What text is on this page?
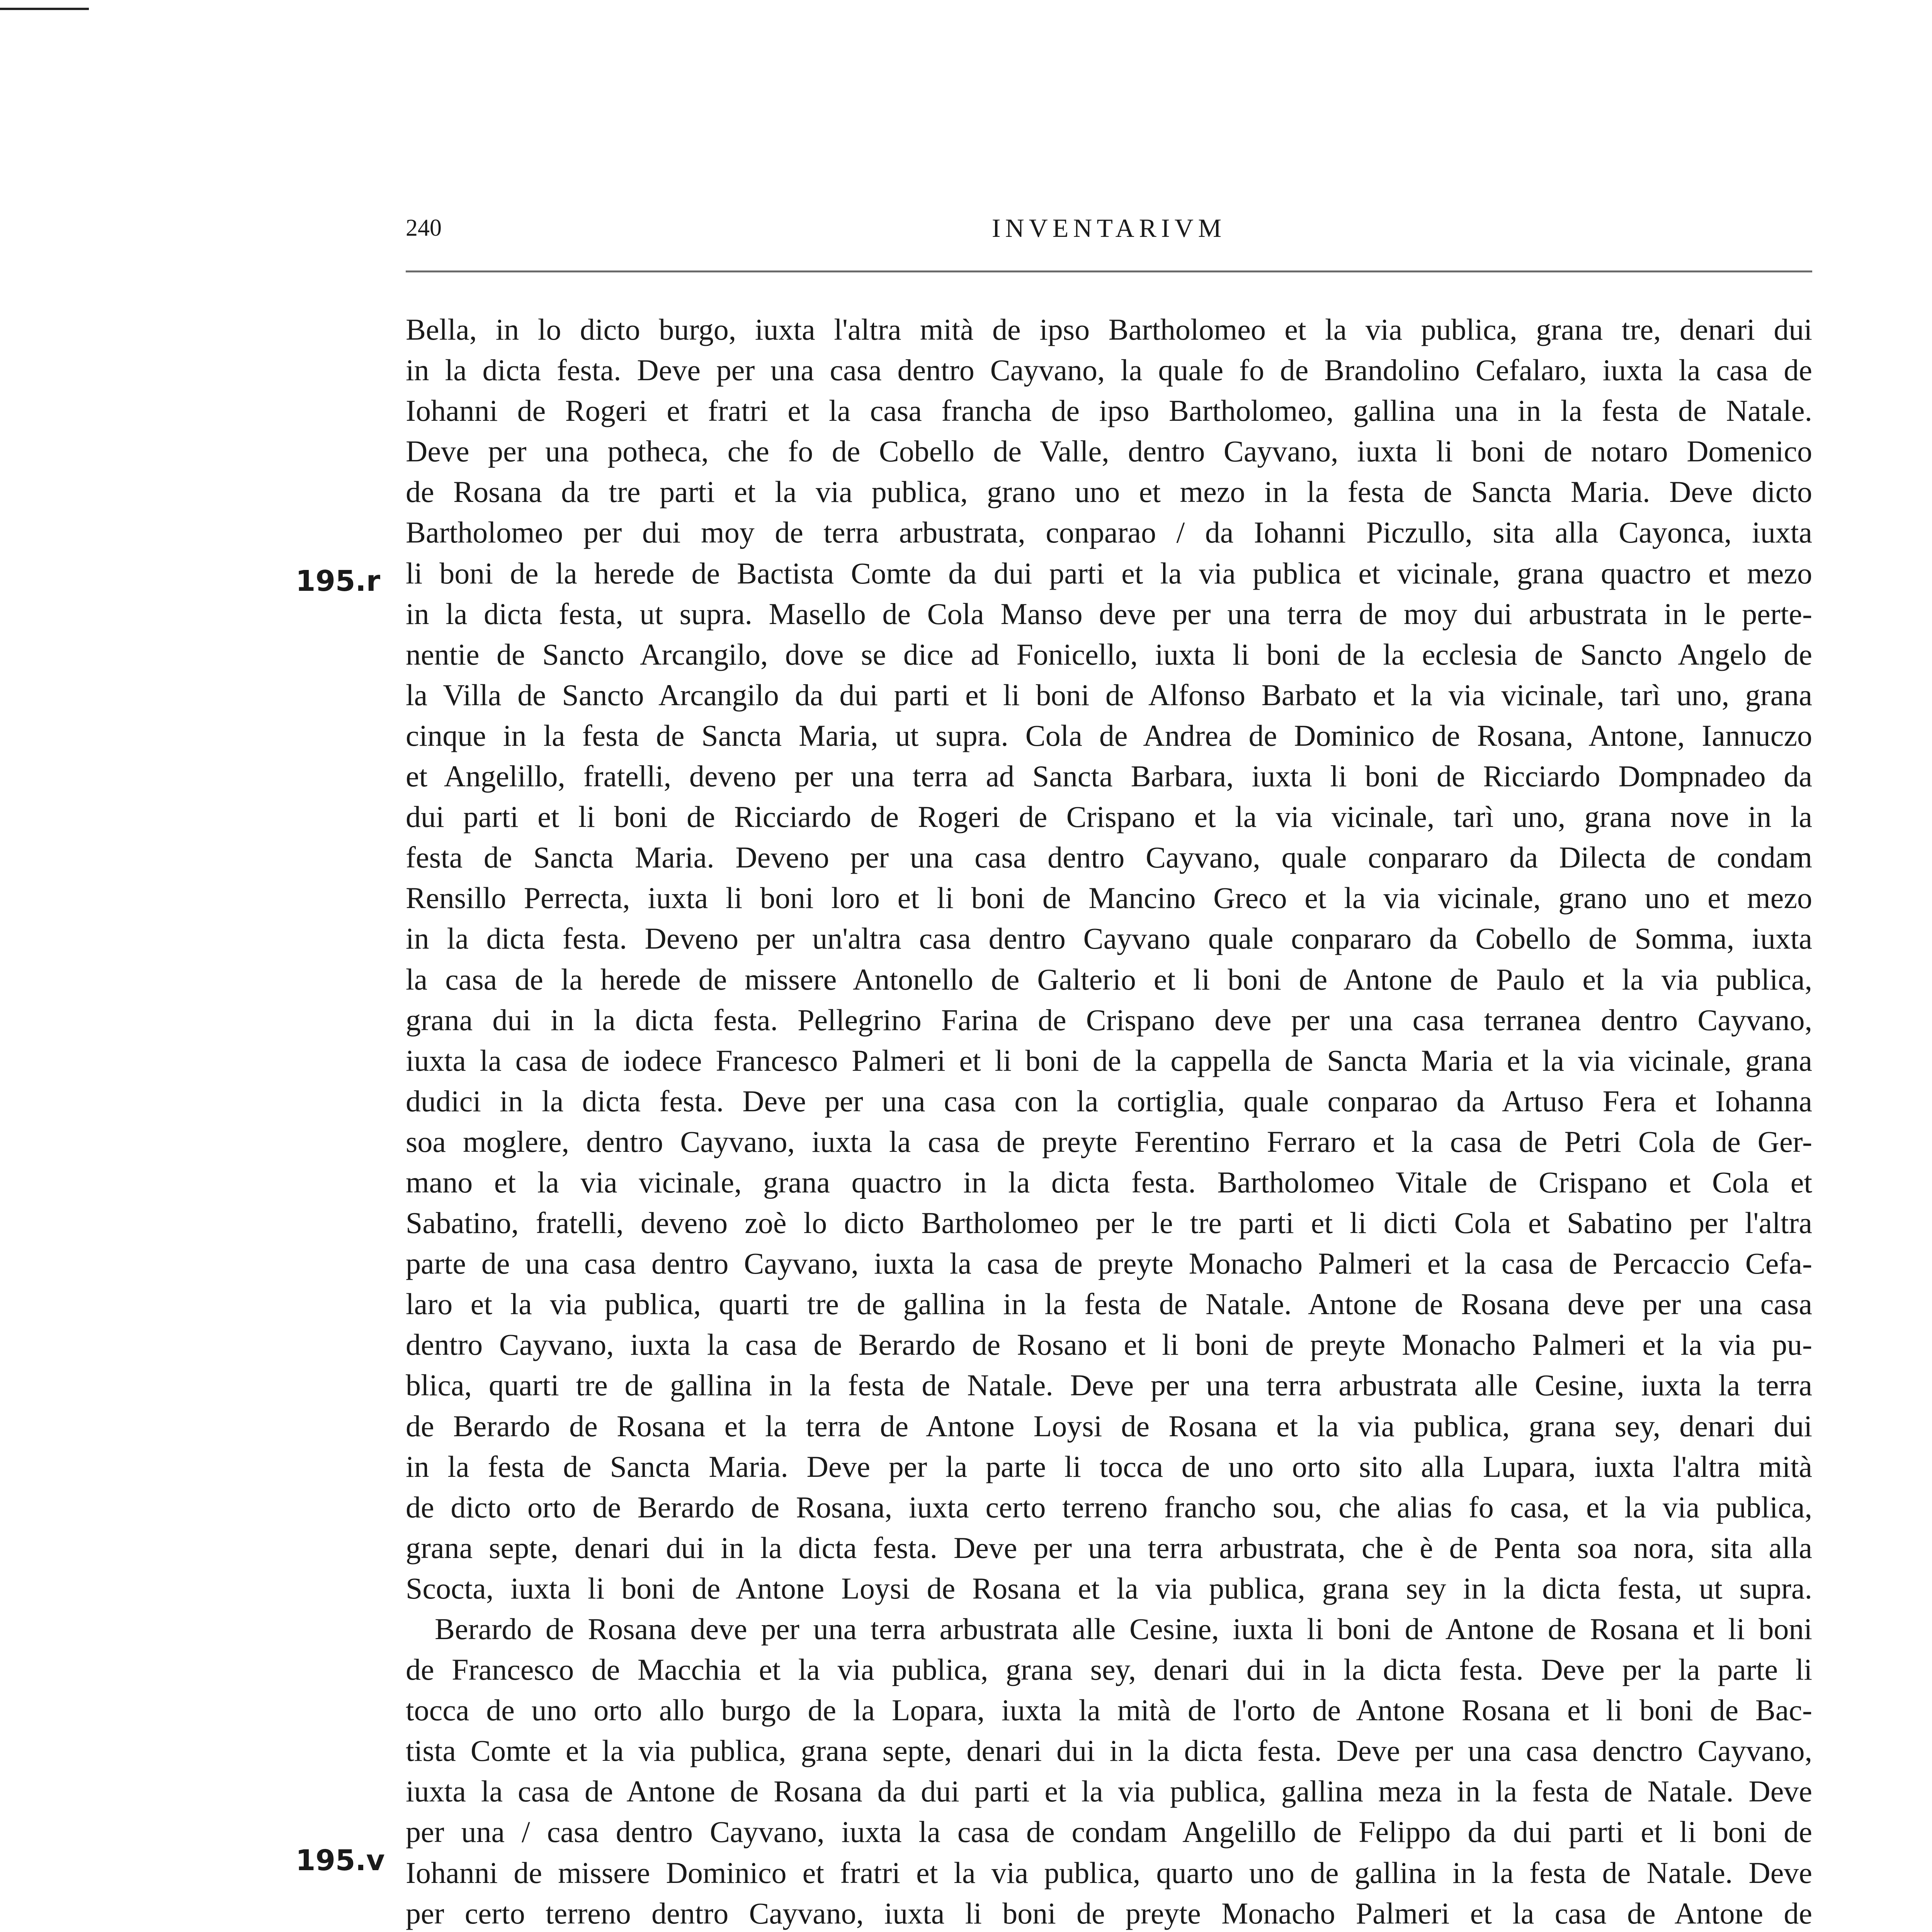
240	INVENTARIVM
195.r
195.v
Bella, in lo dicto burgo, iuxta l'altra mità de ipso Bartholomeo et la via publica, grana tre, denari dui
in la dicta festa. Deve per una casa dentro Cayvano, la quale fo de Brandolino Cefalaro, iuxta la casa de
Iohanni de Rogeri et fratri et la casa francha de ipso Bartholomeo, gallina una in la festa de Natale.
Deve per una potheca, che fo de Cobello de Valle, dentro Cayvano, iuxta li boni de notaro Domenico
de Rosana da tre parti et la via publica, grano uno et mezo in la festa de Sancta Maria. Deve dicto
Bartholomeo per dui moy de terra arbustrata, conparao / da Iohanni Piczullo, sita alla Cayonca, iuxta
li boni de la herede de Bactista Comte da dui parti et la via publica et vicinale, grana quactro et mezo
in la dicta festa, ut supra. Masello de Cola Manso deve per una terra de moy dui arbustrata in le perte-
nentie de Sancto Arcangilo, dove se dice ad Fonicello, iuxta li boni de la ecclesia de Sancto Angelo de
la Villa de Sancto Arcangilo da dui parti et li boni de Alfonso Barbato et la via vicinale, tarì uno, grana
cinque in la festa de Sancta Maria, ut supra. Cola de Andrea de Dominico de Rosana, Antone, Iannuczo
et Angelillo, fratelli, deveno per una terra ad Sancta Barbara, iuxta li boni de Ricciardo Dompnadeo da
dui parti et li boni de Ricciardo de Rogeri de Crispano et la via vicinale, tarì uno, grana nove in la
festa de Sancta Maria. Deveno per una casa dentro Cayvano, quale conpararo da Dilecta de condam
Rensillo Perrecta, iuxta li boni loro et li boni de Mancino Greco et la via vicinale, grano uno et mezo
in la dicta festa. Deveno per un'altra casa dentro Cayvano quale conpararo da Cobello de Somma, iuxta
la casa de la herede de missere Antonello de Galterio et li boni de Antone de Paulo et la via publica,
grana dui in la dicta festa. Pellegrino Farina de Crispano deve per una casa terranea dentro Cayvano,
iuxta la casa de iodece Francesco Palmeri et li boni de la cappella de Sancta Maria et la via vicinale, grana
dudici in la dicta festa. Deve per una casa con la cortiglia, quale conparao da Artuso Fera et Iohanna
soa moglere, dentro Cayvano, iuxta la casa de preyte Ferentino Ferraro et la casa de Petri Cola de Ger-
mano et la via vicinale, grana quactro in la dicta festa. Bartholomeo Vitale de Crispano et Cola et
Sabatino, fratelli, deveno zoè lo dicto Bartholomeo per le tre parti et li dicti Cola et Sabatino per l'altra
parte de una casa dentro Cayvano, iuxta la casa de preyte Monacho Palmeri et la casa de Percaccio Cefa-
laro et la via publica, quarti tre de gallina in la festa de Natale. Antone de Rosana deve per una casa
dentro Cayvano, iuxta la casa de Berardo de Rosano et li boni de preyte Monacho Palmeri et la via pu-
blica, quarti tre de gallina in la festa de Natale. Deve per una terra arbustrata alle Cesine, iuxta la terra
de Berardo de Rosana et la terra de Antone Loysi de Rosana et la via publica, grana sey, denari dui
in la festa de Sancta Maria. Deve per la parte li tocca de uno orto sito alla Lupara, iuxta l'altra mità
de dicto orto de Berardo de Rosana, iuxta certo terreno francho sou, che alias fo casa, et la via publica,
grana septe, denari dui in la dicta festa. Deve per una terra arbustrata, che è de Penta soa nora, sita alla
Scocta, iuxta li boni de Antone Loysi de Rosana et la via publica, grana sey in la dicta festa, ut supra.
Berardo de Rosana deve per una terra arbustrata alle Cesine, iuxta li boni de Antone de Rosana et li boni
de Francesco de Macchia et la via publica, grana sey, denari dui in la dicta festa. Deve per la parte li
tocca de uno orto allo burgo de la Lopara, iuxta la mità de l'orto de Antone Rosana et li boni de Bac-
tista Comte et la via publica, grana septe, denari dui in la dicta festa. Deve per una casa denctro Cayvano,
iuxta la casa de Antone de Rosana da dui parti et la via publica, gallina meza in la festa de Natale. Deve
per una / casa dentro Cayvano, iuxta la casa de condam Angelillo de Felippo da dui parti et li boni de
Iohanni de missere Dominico et fratri et la via publica, quarto uno de gallina in la festa de Natale. Deve
per certo terreno dentro Cayvano, iuxta li boni de preyte Monacho Palmeri et la casa de Antone de
